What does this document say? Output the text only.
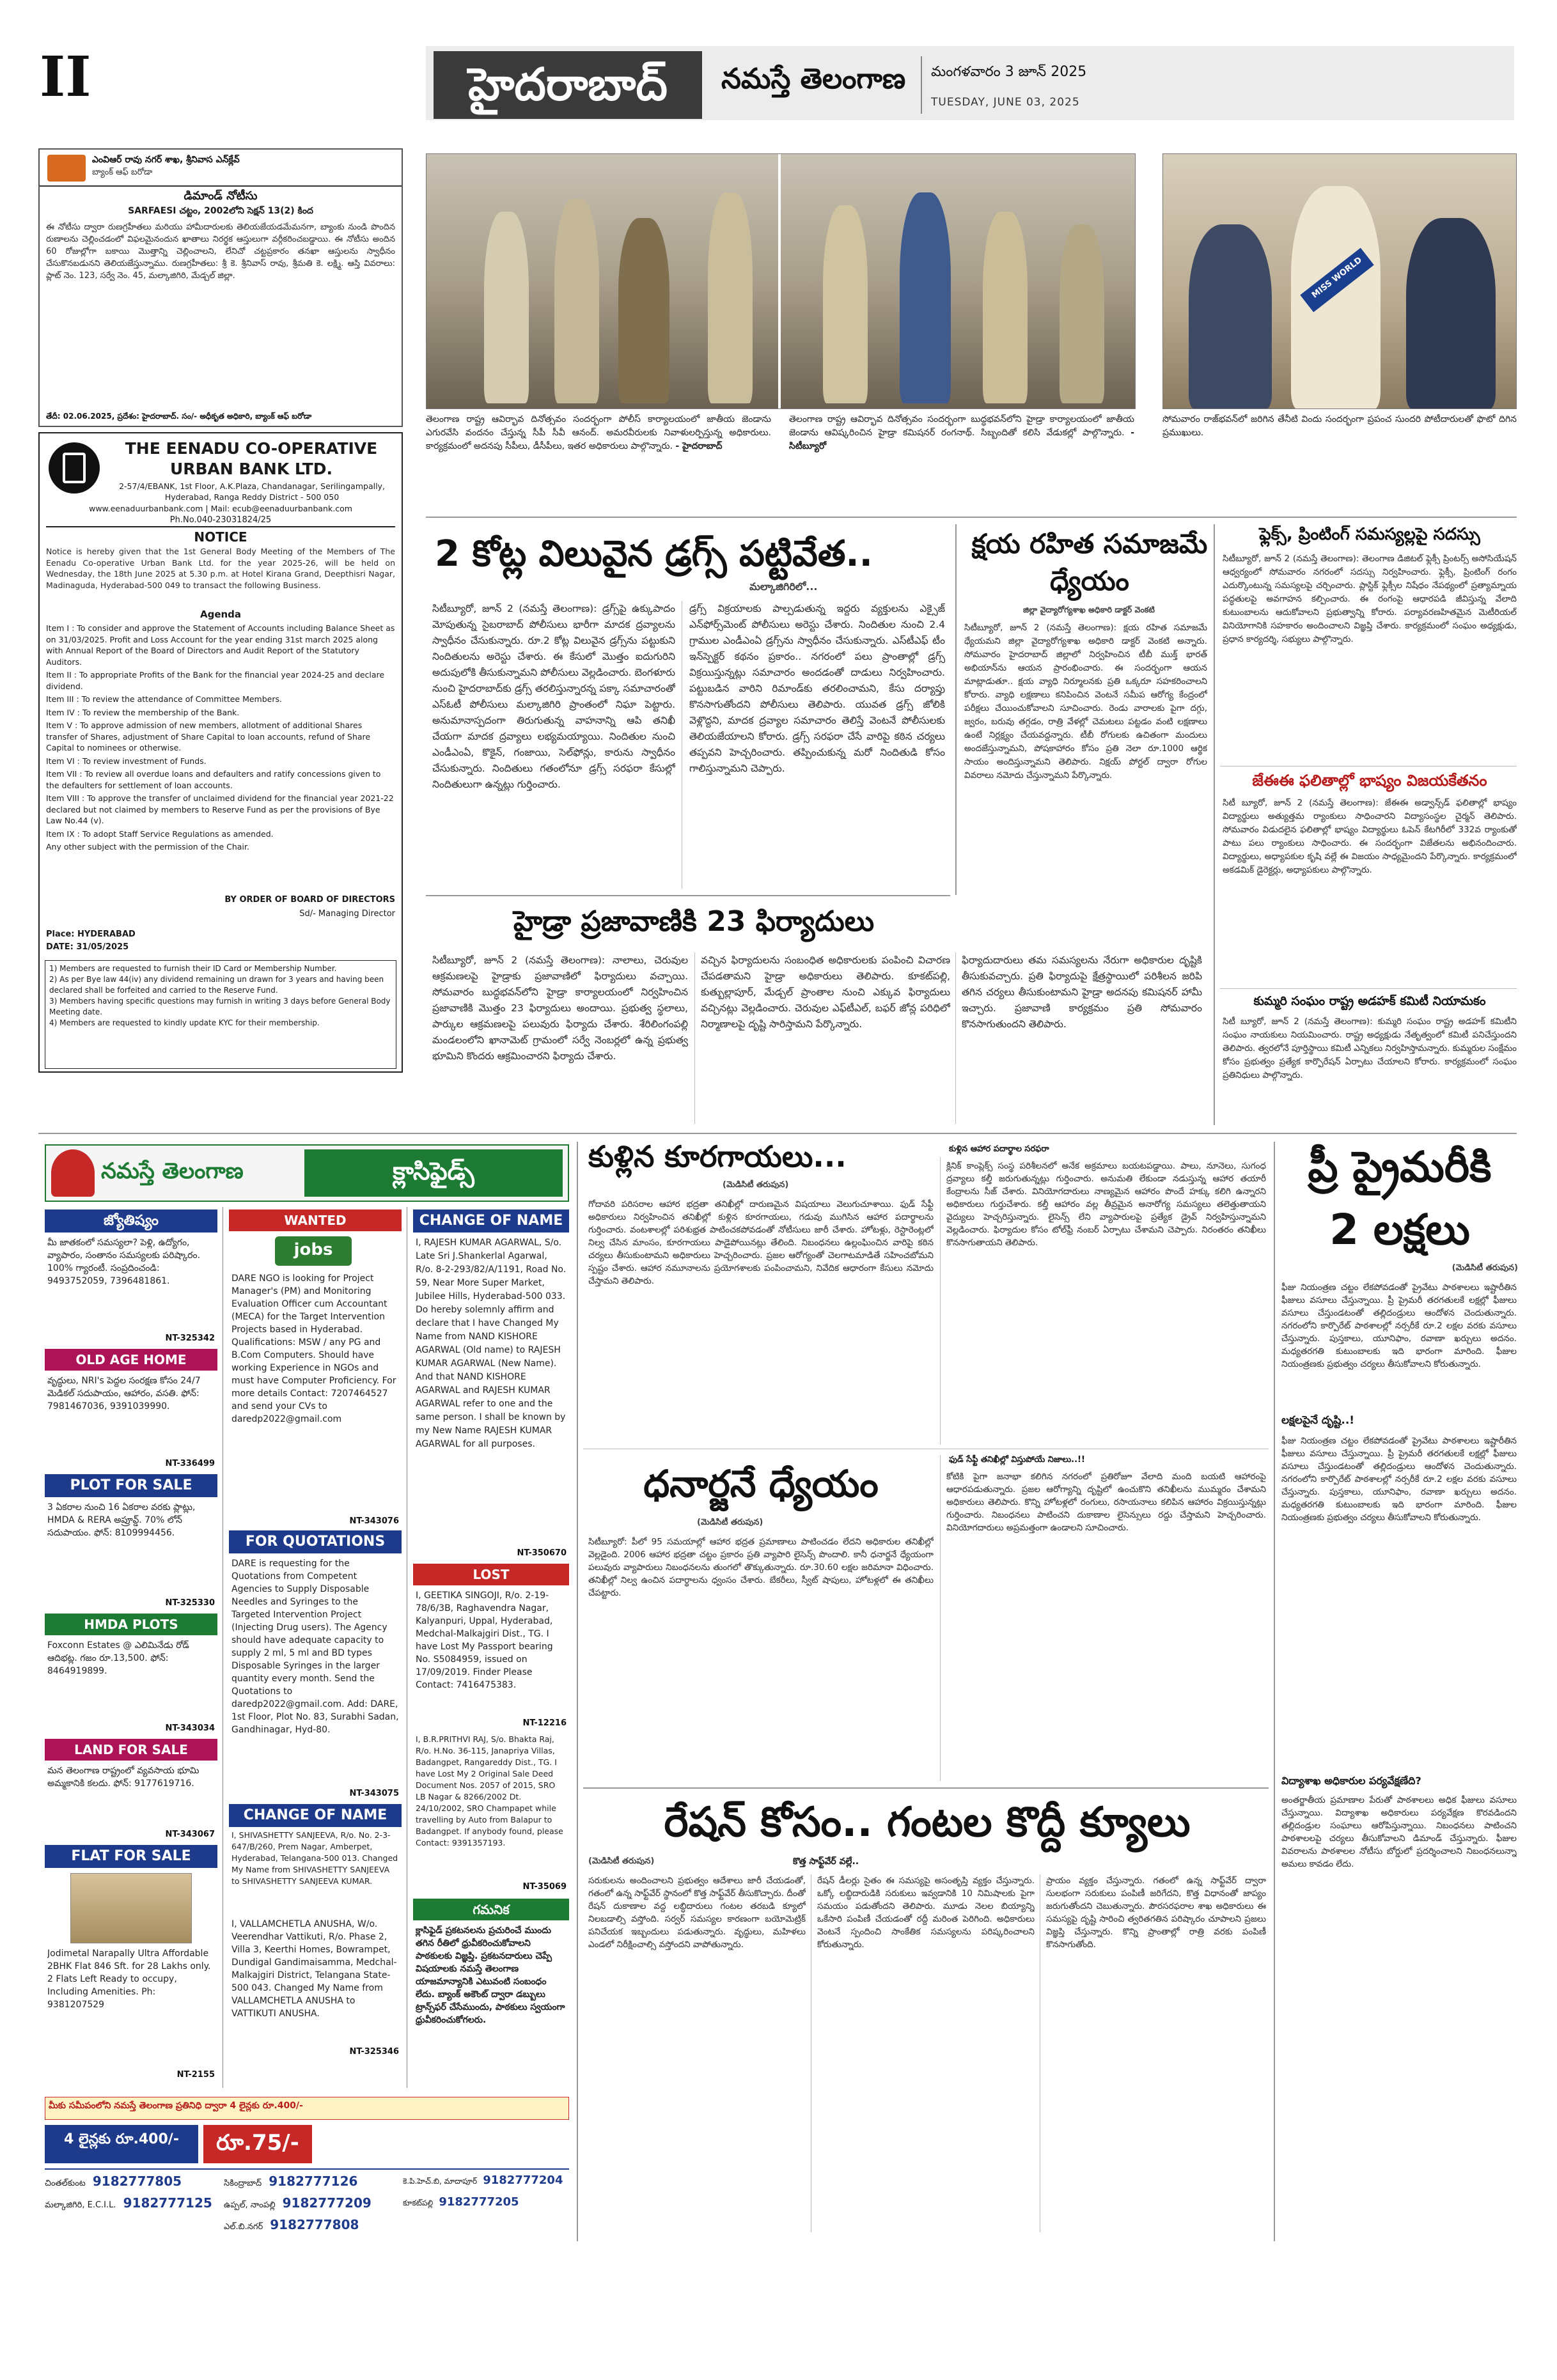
II	హైదరాబాద్	నమస్తే తెలంగాణ మంగళవారం 3 జూన్ 2025
TUESDAY, JUNE 03, 2025
ఎంవిఆర్ రావు నగర్ శాఖ, శ్రీనివాస ఎన్‌క్లేవ్
బ్యాంక్ ఆఫ్ బరోడా
డిమాండ్ నోటీసు
SARFAESI చట్టం, 2002లోని సెక్షన్ 13(2) కింద
ఈ నోటీసు ద్వారా రుణగ్రహీతలు మరియు హామీదారులకు తెలియజేయడమేమనగా, బ్యాంకు నుండి పొందిన రుణాలను చెల్లించడంలో విఫలమైనందున ఖాతాలు నిరర్థక ఆస్తులుగా వర్గీకరించబడ్డాయి. ఈ నోటీసు అందిన 60 రోజుల్లోగా బకాయి మొత్తాన్ని చెల్లించాలని, లేనిచో చట్టప్రకారం తనఖా ఆస్తులను స్వాధీనం చేసుకొనబడునని తెలియజేస్తున్నాము. రుణగ్రహీతలు: శ్రీ కె. శ్రీనివాస్ రావు, శ్రీమతి కె. లక్ష్మి. ఆస్తి వివరాలు: ప్లాట్ నెం. 123, సర్వే నెం. 45, మల్కాజిగిరి, మేడ్చల్ జిల్లా.
తేదీ: 02.06.2025, ప్రదేశం: హైదరాబాద్. సం/- అధీకృత అధికారి, బ్యాంక్ ఆఫ్ బరోడా
THE EENADU CO-OPERATIVE URBAN BANK LTD.
2-57/4/EBANK, 1st Floor, A.K.Plaza, Chandanagar, Serilingampally, Hyderabad, Ranga Reddy District - 500 050
www.eenaduurbanbank.com | Mail: ecub@eenaduurbanbank.com
Ph.No.040-23031824/25
NOTICE
Notice is hereby given that the 1st General Body Meeting of the Members of The Eenadu Co-operative Urban Bank Ltd. for the year 2025-26, will be held on Wednesday, the 18th June 2025 at 5.30 p.m. at Hotel Kirana Grand, Deepthisri Nagar, Madinaguda, Hyderabad-500 049 to transact the following Business.
Agenda
Item I : To consider and approve the Statement of Accounts including Balance Sheet as on 31/03/2025. Profit and Loss Account for the year ending 31st march 2025 along with Annual Report of the Board of Directors and Audit Report of the Statutory Auditors.
Item II : To appropriate Profits of the Bank for the financial year 2024-25 and declare dividend.
Item III : To review the attendance of Committee Members.
Item IV : To review the membership of the Bank.
Item V : To approve admission of new members, allotment of additional Shares transfer of Shares, adjustment of Share Capital to loan accounts, refund of Share Capital to nominees or otherwise.
Item VI : To review investment of Funds.
Item VII : To review all overdue loans and defaulters and ratify concessions given to the defaulters for settlement of loan accounts.
Item VIII : To approve the transfer of unclaimed dividend for the financial year 2021-22 declared but not claimed by members to Reserve Fund as per the provisions of Bye Law No.44 (v).
Item IX : To adopt Staff Service Regulations as amended.
Any other subject with the permission of the Chair.
BY ORDER OF BOARD OF DIRECTORS
Sd/- Managing Director
Place: HYDERABAD
DATE: 31/05/2025
1) Members are requested to furnish their ID Card or Membership Number.
2) As per Bye law 44(iv) any dividend remaining un drawn for 3 years and having been declared shall be forfeited and carried to the Reserve Fund.
3) Members having specific questions may furnish in writing 3 days before General Body Meeting date.
4) Members are requested to kindly update KYC for their membership.
MISS WORLD
తెలంగాణ రాష్ట్ర ఆవిర్భావ దినోత్సవం సందర్భంగా పోలీస్ కార్యాలయంలో జాతీయ జెండాను ఎగురవేసి వందనం చేస్తున్న సీపీ సీవీ ఆనంద్. అమరవీరులకు నివాళులర్పిస్తున్న అధికారులు. కార్యక్రమంలో అదనపు సీపీలు, డీసీపీలు, ఇతర అధికారులు పాల్గొన్నారు. - హైదరాబాద్
తెలంగాణ రాష్ట్ర ఆవిర్భావ దినోత్సవం సందర్భంగా బుద్ధభవన్‌లోని హైడ్రా కార్యాలయంలో జాతీయ జెండాను ఆవిష్కరించిన హైడ్రా కమిషనర్ రంగనాథ్. సిబ్బందితో కలిసి వేడుకల్లో పాల్గొన్నారు. - సిటీబ్యూరో
సోమవారం రాజ్‌భవన్‌లో జరిగిన తేనీటి విందు సందర్భంగా ప్రపంచ సుందరి పోటీదారులతో ఫొటో దిగిన ప్రముఖులు.
2 కోట్ల విలువైన డ్రగ్స్ పట్టివేత..
మల్కాజిగిరిలో...
సిటీబ్యూరో, జూన్ 2 (నమస్తే తెలంగాణ): డ్రగ్స్‌పై ఉక్కుపాదం మోపుతున్న సైబరాబాద్ పోలీసులు భారీగా మాదక ద్రవ్యాలను స్వాధీనం చేసుకున్నారు. రూ.2 కోట్ల విలువైన డ్రగ్స్‌ను పట్టుకుని నిందితులను అరెస్టు చేశారు. ఈ కేసులో మొత్తం ఐదుగురిని అదుపులోకి తీసుకున్నామని పోలీసులు వెల్లడించారు. బెంగళూరు నుంచి హైదరాబాద్‌కు డ్రగ్స్ తరలిస్తున్నారన్న పక్కా సమాచారంతో ఎస్‌ఓటీ పోలీసులు మల్కాజిగిరి ప్రాంతంలో నిఘా పెట్టారు. అనుమానాస్పదంగా తిరుగుతున్న వాహనాన్ని ఆపి తనిఖీ చేయగా మాదక ద్రవ్యాలు లభ్యమయ్యాయి. నిందితుల నుంచి ఎండీఎంఏ, కొకైన్, గంజాయి, సెల్‌ఫోన్లు, కారును స్వాధీనం చేసుకున్నారు. నిందితులు గతంలోనూ డ్రగ్స్ సరఫరా కేసుల్లో నిందితులుగా ఉన్నట్లు గుర్తించారు.
డ్రగ్స్ విక్రయాలకు పాల్పడుతున్న ఇద్దరు వ్యక్తులను ఎక్సైజ్ ఎన్‌ఫోర్స్‌మెంట్ పోలీసులు అరెస్టు చేశారు. నిందితుల నుంచి 2.4 గ్రాముల ఎండీఎంఏ డ్రగ్స్‌ను స్వాధీనం చేసుకున్నారు. ఎస్‌టీఎఫ్ టీం ఇన్‌స్పెక్టర్ కథనం ప్రకారం.. నగరంలో పలు ప్రాంతాల్లో డ్రగ్స్ విక్రయిస్తున్నట్లు సమాచారం అందడంతో దాడులు నిర్వహించారు. పట్టుబడిన వారిని రిమాండ్‌కు తరలించామని, కేసు దర్యాప్తు కొనసాగుతోందని పోలీసులు తెలిపారు. యువత డ్రగ్స్ జోలికి వెళ్లొద్దని, మాదక ద్రవ్యాల సమాచారం తెలిస్తే వెంటనే పోలీసులకు తెలియజేయాలని కోరారు. డ్రగ్స్ సరఫరా చేసే వారిపై కఠిన చర్యలు తప్పవని హెచ్చరించారు. తప్పించుకున్న మరో నిందితుడి కోసం గాలిస్తున్నామని చెప్పారు.
హైడ్రా ప్రజావాణికి 23 ఫిర్యాదులు
సిటీబ్యూరో, జూన్ 2 (నమస్తే తెలంగాణ): నాలాలు, చెరువుల ఆక్రమణలపై హైడ్రాకు ప్రజావాణిలో ఫిర్యాదులు వచ్చాయి. సోమవారం బుద్ధభవన్‌లోని హైడ్రా కార్యాలయంలో నిర్వహించిన ప్రజావాణికి మొత్తం 23 ఫిర్యాదులు అందాయి. ప్రభుత్వ స్థలాలు, పార్కుల ఆక్రమణలపై పలువురు ఫిర్యాదు చేశారు. శేరిలింగంపల్లి మండలంలోని ఖానామెట్ గ్రామంలో సర్వే నెంబర్లలో ఉన్న ప్రభుత్వ భూమిని కొందరు ఆక్రమించారని ఫిర్యాదు చేశారు.
వచ్చిన ఫిర్యాదులను సంబంధిత అధికారులకు పంపించి విచారణ చేపడతామని హైడ్రా అధికారులు తెలిపారు. కూకట్‌పల్లి, కుత్బుల్లాపూర్, మేడ్చల్ ప్రాంతాల నుంచి ఎక్కువ ఫిర్యాదులు వచ్చినట్లు వెల్లడించారు. చెరువుల ఎఫ్‌టీఎల్, బఫర్ జోన్ల పరిధిలో నిర్మాణాలపై దృష్టి సారిస్తామని పేర్కొన్నారు.
ఫిర్యాదుదారులు తమ సమస్యలను నేరుగా అధికారుల దృష్టికి తీసుకువచ్చారు. ప్రతి ఫిర్యాదుపై క్షేత్రస్థాయిలో పరిశీలన జరిపి తగిన చర్యలు తీసుకుంటామని హైడ్రా అదనపు కమిషనర్ హామీ ఇచ్చారు. ప్రజావాణి కార్యక్రమం ప్రతి సోమవారం కొనసాగుతుందని తెలిపారు.
క్షయ రహిత సమాజమే ధ్యేయం
జిల్లా వైద్యారోగ్యశాఖ అధికారి డాక్టర్ వెంకటి
సిటీబ్యూరో, జూన్ 2 (నమస్తే తెలంగాణ): క్షయ రహిత సమాజమే ధ్యేయమని జిల్లా వైద్యారోగ్యశాఖ అధికారి డాక్టర్ వెంకటి అన్నారు. సోమవారం హైదరాబాద్ జిల్లాలో నిర్వహించిన టీబీ ముక్త్ భారత్ అభియాన్‌ను ఆయన ప్రారంభించారు. ఈ సందర్భంగా ఆయన మాట్లాడుతూ.. క్షయ వ్యాధి నిర్మూలనకు ప్రతి ఒక్కరూ సహకరించాలని కోరారు. వ్యాధి లక్షణాలు కనిపించిన వెంటనే సమీప ఆరోగ్య కేంద్రంలో పరీక్షలు చేయించుకోవాలని సూచించారు. రెండు వారాలకు పైగా దగ్గు, జ్వరం, బరువు తగ్గడం, రాత్రి వేళల్లో చెమటలు పట్టడం వంటి లక్షణాలు ఉంటే నిర్లక్ష్యం చేయవద్దన్నారు. టీబీ రోగులకు ఉచితంగా మందులు అందజేస్తున్నామని, పోషకాహారం కోసం ప్రతి నెలా రూ.1000 ఆర్థిక సాయం అందిస్తున్నామని తెలిపారు. నిక్షయ్ పోర్టల్ ద్వారా రోగుల వివరాలు నమోదు చేస్తున్నామని పేర్కొన్నారు.
ఫ్లెక్స్, ప్రింటింగ్ సమస్యల్లపై సదస్సు
సిటీబ్యూరో, జూన్ 2 (నమస్తే తెలంగాణ): తెలంగాణ డిజిటల్ ఫ్లెక్సీ ప్రింటర్స్ అసోసియేషన్ ఆధ్వర్యంలో సోమవారం నగరంలో సదస్సు నిర్వహించారు. ఫ్లెక్సీ, ప్రింటింగ్ రంగం ఎదుర్కొంటున్న సమస్యలపై చర్చించారు. ప్లాస్టిక్ ఫ్లెక్సీల నిషేధం నేపథ్యంలో ప్రత్యామ్నాయ పద్ధతులపై అవగాహన కల్పించారు. ఈ రంగంపై ఆధారపడి జీవిస్తున్న వేలాది కుటుంబాలను ఆదుకోవాలని ప్రభుత్వాన్ని కోరారు. పర్యావరణహితమైన మెటీరియల్ వినియోగానికి సహకారం అందించాలని విజ్ఞప్తి చేశారు. కార్యక్రమంలో సంఘం అధ్యక్షుడు, ప్రధాన కార్యదర్శి, సభ్యులు పాల్గొన్నారు.
జేఈఈ ఫలితాల్లో భాష్యం విజయకేతనం
సిటీ బ్యూరో, జూన్ 2 (నమస్తే తెలంగాణ): జేఈఈ అడ్వాన్స్‌డ్ ఫలితాల్లో భాష్యం విద్యార్థులు అత్యుత్తమ ర్యాంకులు సాధించారని విద్యాసంస్థల చైర్మన్ తెలిపారు. సోమవారం విడుదలైన ఫలితాల్లో భాష్యం విద్యార్థులు ఓపెన్ కేటగిరీలో 332వ ర్యాంకుతో పాటు పలు ర్యాంకులు సాధించారు. ఈ సందర్భంగా విజేతలను అభినందించారు. విద్యార్థులు, అధ్యాపకుల కృషి వల్లే ఈ విజయం సాధ్యమైందని పేర్కొన్నారు. కార్యక్రమంలో అకడమిక్ డైరెక్టర్లు, అధ్యాపకులు పాల్గొన్నారు.
కుమ్మరి సంఘం రాష్ట్ర అడహక్ కమిటీ నియామకం
సిటీ బ్యూరో, జూన్ 2 (నమస్తే తెలంగాణ): కుమ్మరి సంఘం రాష్ట్ర అడహక్ కమిటీని సంఘం నాయకులు నియమించారు. రాష్ట్ర అధ్యక్షుడు నేతృత్వంలో కమిటీ పనిచేస్తుందని తెలిపారు. త్వరలోనే పూర్తిస్థాయి కమిటీ ఎన్నికలు నిర్వహిస్తామన్నారు. కుమ్మరుల సంక్షేమం కోసం ప్రభుత్వం ప్రత్యేక కార్పొరేషన్ ఏర్పాటు చేయాలని కోరారు. కార్యక్రమంలో సంఘం ప్రతినిధులు పాల్గొన్నారు.
నమస్తే తెలంగాణ	క్లాసిఫైడ్స్
జ్యోతిష్యం
మీ జాతకంలో సమస్యలా? పెళ్లి, ఉద్యోగం, వ్యాపారం, సంతానం సమస్యలకు పరిష్కారం. 100% గ్యారంటీ. సంప్రదించండి: 9493752059, 7396481861.
NT-325342
OLD AGE HOME
వృద్ధులు, NRI's పెద్దల సంరక్షణ కోసం 24/7 మెడికల్ సదుపాయం, ఆహారం, వసతి. ఫోన్: 7981467036, 9391039990.
NT-336499
PLOT FOR SALE
3 ఏకరాల నుంచి 16 ఏకరాల వరకు ప్లాట్లు, HMDA & RERA అప్రూవ్డ్. 70% లోన్ సదుపాయం. ఫోన్: 8109994456.
NT-325330
HMDA PLOTS
Foxconn Estates @ ఎలిమినేడు రోడ్ ఆదిభట్ల. గజం రూ.13,500. ఫోన్: 8464919899.
NT-343034
LAND FOR SALE
మన తెలంగాణ రాష్ట్రంలో వ్యవసాయ భూమి అమ్మకానికి కలదు. ఫోన్: 9177619716.
NT-343067
FLAT FOR SALE
Jodimetal Narapally Ultra Affordable 2BHK Flat 846 Sft. for 28 Lakhs only. 2 Flats Left Ready to occupy, Including Amenities. Ph: 9381207529
NT-2155
WANTED
jobs
DARE NGO is looking for Project Manager's (PM) and Monitoring Evaluation Officer cum Accountant (MECA) for the Target Intervention Projects based in Hyderabad. Qualifications: MSW / any PG and B.Com Computers. Should have working Experience in NGOs and must have Computer Proficiency. For more details Contact: 7207464527 and send your CVs to daredp2022@gmail.com
NT-343076
FOR QUOTATIONS
DARE is requesting for the Quotations from Competent Agencies to Supply Disposable Needles and Syringes to the Targeted Intervention Project (Injecting Drug users). The Agency should have adequate capacity to supply 2 ml, 5 ml and BD types Disposable Syringes in the larger quantity every month. Send the Quotations to daredp2022@gmail.com. Add: DARE, 1st Floor, Plot No. 83, Surabhi Sadan, Gandhinagar, Hyd-80.
NT-343075
CHANGE OF NAME
I, SHIVASHETTY SANJEEVA, R/o. No. 2-3-647/B/260, Prem Nagar, Amberpet, Hyderabad, Telangana-500 013. Changed My Name from SHIVASHETTY SANJEEVA to SHIVASHETTY SANJEEVA KUMAR.
I, VALLAMCHETLA ANUSHA, W/o. Veerendhar Vattikuti, R/o. Phase 2, Villa 3, Keerthi Homes, Bowrampet, Dundigal Gandimaisamma, Medchal-Malkajgiri District, Telangana State-500 043. Changed My Name from VALLAMCHETLA ANUSHA to VATTIKUTI ANUSHA.
NT-325346
CHANGE OF NAME
I, RAJESH KUMAR AGARWAL, S/o. Late Sri J.Shankerlal Agarwal, R/o. 8-2-293/82/A/1191, Road No. 59, Near More Super Market, Jubilee Hills, Hyderabad-500 033. Do hereby solemnly affirm and declare that I have Changed My Name from NAND KISHORE AGARWAL (Old name) to RAJESH KUMAR AGARWAL (New Name). And that NAND KISHORE AGARWAL and RAJESH KUMAR AGARWAL refer to one and the same person. I shall be known by my New Name RAJESH KUMAR AGARWAL for all purposes.
NT-350670
LOST
I, GEETIKA SINGOJI, R/o. 2-19-78/6/3B, Raghavendra Nagar, Kalyanpuri, Uppal, Hyderabad, Medchal-Malkajgiri Dist., TG. I have Lost My Passport bearing No. S5084959, issued on 17/09/2019. Finder Please Contact: 7416475383.
NT-12216
I, B.R.PRITHVI RAJ, S/o. Bhakta Raj, R/o. H.No. 36-115, Janapriya Villas, Badangpet, Rangareddy Dist., TG. I have Lost My 2 Original Sale Deed Document Nos. 2057 of 2015, SRO LB Nagar & 8266/2002 Dt. 24/10/2002, SRO Champapet while travelling by Auto from Balapur to Badangpet. If anybody found, please Contact: 9391357193.
NT-35069
గమనిక
క్లాసిఫైడ్ ప్రకటనలను ప్రచురించే ముందు తగిన రీతిలో ధ్రువీకరించుకోవాలని పాఠకులకు విజ్ఞప్తి. ప్రకటనదారులు చెప్పే విషయాలకు నమస్తే తెలంగాణ యాజమాన్యానికి ఎటువంటి సంబంధం లేదు. బ్యాంక్ అకౌంట్ ద్వారా డబ్బులు ట్రాన్స్‌ఫర్ చేసేముందు, పాఠకులు స్వయంగా ధ్రువీకరించుకోగలరు.
మీకు సమీపంలోని నమస్తే తెలంగాణ ప్రతినిధి ద్వారా 4 లైన్లకు రూ.400/-
4 లైన్లకు రూ.400/-	రూ.75/-
చింతల్‌కుంట 9182777805
మల్కాజిగిరి, E.C.I.L. 9182777125
సికింద్రాబాద్ 9182777126
ఉప్పల్, నాంపల్లి 9182777209
ఎల్.బి.నగర్ 9182777808
కె.పి.హెచ్.బి, మాదాపూర్ 9182777204
కూకట్‌పల్లి 9182777205
కుళ్లిన కూరగాయలు...
(మెడిసిటీ తరుపున)
కుళ్లిన ఆహార పదార్థాల సరఫరా
గోదావరి పరిసరాల ఆహార భద్రతా తనిఖీల్లో దారుణమైన విషయాలు వెలుగుచూశాయి. ఫుడ్ సేఫ్టీ అధికారులు నిర్వహించిన తనిఖీల్లో కుళ్లిన కూరగాయలు, గడువు ముగిసిన ఆహార పదార్థాలను గుర్తించారు. వంటశాలల్లో పరిశుభ్రత పాటించకపోవడంతో నోటీసులు జారీ చేశారు. హోటళ్లు, రెస్టారెంట్లలో నిల్వ చేసిన మాంసం, కూరగాయలు పాడైపోయినట్లు తేలింది. నిబంధనలు ఉల్లంఘించిన వారిపై కఠిన చర్యలు తీసుకుంటామని అధికారులు హెచ్చరించారు. ప్రజల ఆరోగ్యంతో చెలగాటమాడితే సహించబోమని స్పష్టం చేశారు. ఆహార నమూనాలను ప్రయోగశాలకు పంపించామని, నివేదిక ఆధారంగా కేసులు నమోదు చేస్తామని తెలిపారు.
క్లినిక్ కాంప్లెక్స్ సంస్థ పరిశీలనలో అనేక అక్రమాలు బయటపడ్డాయి. పాలు, నూనెలు, సుగంధ ద్రవ్యాలు కల్తీ జరుగుతున్నట్లు గుర్తించారు. అనుమతి లేకుండా నడుస్తున్న ఆహార తయారీ కేంద్రాలను సీజ్ చేశారు. వినియోగదారులు నాణ్యమైన ఆహారం పొందే హక్కు కలిగి ఉన్నారని అధికారులు గుర్తుచేశారు. కల్తీ ఆహారం వల్ల తీవ్రమైన అనారోగ్య సమస్యలు తలెత్తుతాయని వైద్యులు హెచ్చరిస్తున్నారు. లైసెన్స్ లేని వ్యాపారులపై ప్రత్యేక డ్రైవ్ నిర్వహిస్తున్నామని వెల్లడించారు. ఫిర్యాదుల కోసం టోల్‌ఫ్రీ నంబర్ ఏర్పాటు చేశామని చెప్పారు. నిరంతరం తనిఖీలు కొనసాగుతాయని తెలిపారు.
ధనార్జనే ధ్యేయం
(మెడిసిటీ తరుపున)
ఫుడ్ సేఫ్టీ తనిఖీల్లో విస్తుపోయే నిజాలు..!!
సిటీబ్యూరో: పీలో 95 సమయాల్లో ఆహార భద్రత ప్రమాణాలు పాటించడం లేదని అధికారుల తనిఖీల్లో వెల్లడైంది. 2006 ఆహార భద్రతా చట్టం ప్రకారం ప్రతి వ్యాపారి లైసెన్స్ పొందాలి. కానీ ధనార్జనే ధ్యేయంగా పలువురు వ్యాపారులు నిబంధనలను తుంగలో తొక్కుతున్నారు. రూ.30.60 లక్షల జరిమానా విధించారు. తనిఖీల్లో నిల్వ ఉంచిన పదార్థాలను ధ్వంసం చేశారు. బేకరీలు, స్వీట్ షాపులు, హోటళ్లలో ఈ తనిఖీలు చేపట్టారు.
కోటికి పైగా జనాభా కలిగిన నగరంలో ప్రతిరోజూ వేలాది మంది బయటి ఆహారంపై ఆధారపడుతున్నారు. ప్రజల ఆరోగ్యాన్ని దృష్టిలో ఉంచుకొని తనిఖీలను ముమ్మరం చేశామని అధికారులు తెలిపారు. కొన్ని హోటళ్లలో రంగులు, రసాయనాలు కలిపిన ఆహారం విక్రయిస్తున్నట్లు గుర్తించారు. నిబంధనలు పాటించని దుకాణాల లైసెన్సులు రద్దు చేస్తామని హెచ్చరించారు. వినియోగదారులు అప్రమత్తంగా ఉండాలని సూచించారు.
రేషన్ కోసం.. గంటల కొద్దీ క్యూలు
(మెడిసిటీ తరుపున)	కొత్త సాఫ్ట్‌వేర్ వల్లే..
సరుకులను అందించాలని ప్రభుత్వం ఆదేశాలు జారీ చేయడంతో, గతంలో ఉన్న సాఫ్ట్‌వేర్ స్థానంలో కొత్త సాఫ్ట్‌వేర్ తీసుకొచ్చారు. దీంతో రేషన్ దుకాణాల వద్ద లబ్ధిదారులు గంటల తరబడి క్యూలో నిలబడాల్సి వస్తోంది. సర్వర్ సమస్యల కారణంగా బయోమెట్రిక్ పనిచేయక ఇబ్బందులు పడుతున్నారు. వృద్ధులు, మహిళలు ఎండలో నిరీక్షించాల్సి వస్తోందని వాపోతున్నారు.
రేషన్ డీలర్లు సైతం ఈ సమస్యపై అసంతృప్తి వ్యక్తం చేస్తున్నారు. ఒక్కో లబ్ధిదారుడికి సరుకులు ఇవ్వడానికి 10 నిమిషాలకు పైగా సమయం పడుతోందని తెలిపారు. మూడు నెలల బియ్యాన్ని ఒకేసారి పంపిణీ చేయడంతో రద్దీ మరింత పెరిగింది. అధికారులు వెంటనే స్పందించి సాంకేతిక సమస్యలను పరిష్కరించాలని కోరుతున్నారు.
ప్రాయం వ్యక్తం చేస్తున్నారు. గతంలో ఉన్న సాఫ్ట్‌వేర్ ద్వారా సులభంగా సరుకులు పంపిణీ జరిగేదని, కొత్త విధానంతో జాప్యం జరుగుతోందని చెబుతున్నారు. పౌరసరఫరాల శాఖ అధికారులు ఈ సమస్యపై దృష్టి సారించి త్వరితగతిన పరిష్కారం చూపాలని ప్రజలు విజ్ఞప్తి చేస్తున్నారు. కొన్ని ప్రాంతాల్లో రాత్రి వరకు పంపిణీ కొనసాగుతోంది.
ప్రీ ప్రైమరీకి
2 లక్షలు
(మెడిసిటీ తరుపున)
ఫీజు నియంత్రణ చట్టం లేకపోవడంతో ప్రైవేటు పాఠశాలలు ఇష్టారీతిన ఫీజులు వసూలు చేస్తున్నాయి. ప్రీ ప్రైమరీ తరగతులకే లక్షల్లో ఫీజులు వసూలు చేస్తుండటంతో తల్లిదండ్రులు ఆందోళన చెందుతున్నారు. నగరంలోని కార్పొరేట్ పాఠశాలల్లో నర్సరీకే రూ.2 లక్షల వరకు వసూలు చేస్తున్నారు. పుస్తకాలు, యూనిఫాం, రవాణా ఖర్చులు అదనం. మధ్యతరగతి కుటుంబాలకు ఇది భారంగా మారింది. ఫీజుల నియంత్రణకు ప్రభుత్వం చర్యలు తీసుకోవాలని కోరుతున్నారు.
లక్షలపైనే దృష్టి..!
ఫీజు నియంత్రణ చట్టం లేకపోవడంతో ప్రైవేటు పాఠశాలలు ఇష్టారీతిన ఫీజులు వసూలు చేస్తున్నాయి. ప్రీ ప్రైమరీ తరగతులకే లక్షల్లో ఫీజులు వసూలు చేస్తుండటంతో తల్లిదండ్రులు ఆందోళన చెందుతున్నారు. నగరంలోని కార్పొరేట్ పాఠశాలల్లో నర్సరీకే రూ.2 లక్షల వరకు వసూలు చేస్తున్నారు. పుస్తకాలు, యూనిఫాం, రవాణా ఖర్చులు అదనం. మధ్యతరగతి కుటుంబాలకు ఇది భారంగా మారింది. ఫీజుల నియంత్రణకు ప్రభుత్వం చర్యలు తీసుకోవాలని కోరుతున్నారు.
విద్యాశాఖ అధికారుల పర్యవేక్షణేది?
అంతర్జాతీయ ప్రమాణాల పేరుతో పాఠశాలలు అధిక ఫీజులు వసూలు చేస్తున్నాయి. విద్యాశాఖ అధికారులు పర్యవేక్షణ కొరవడిందని తల్లిదండ్రుల సంఘాలు ఆరోపిస్తున్నాయి. నిబంధనలు పాటించని పాఠశాలలపై చర్యలు తీసుకోవాలని డిమాండ్ చేస్తున్నారు. ఫీజుల వివరాలను పాఠశాలల నోటీసు బోర్డులో ప్రదర్శించాలని నిబంధనలున్నా అమలు కావడం లేదు.
